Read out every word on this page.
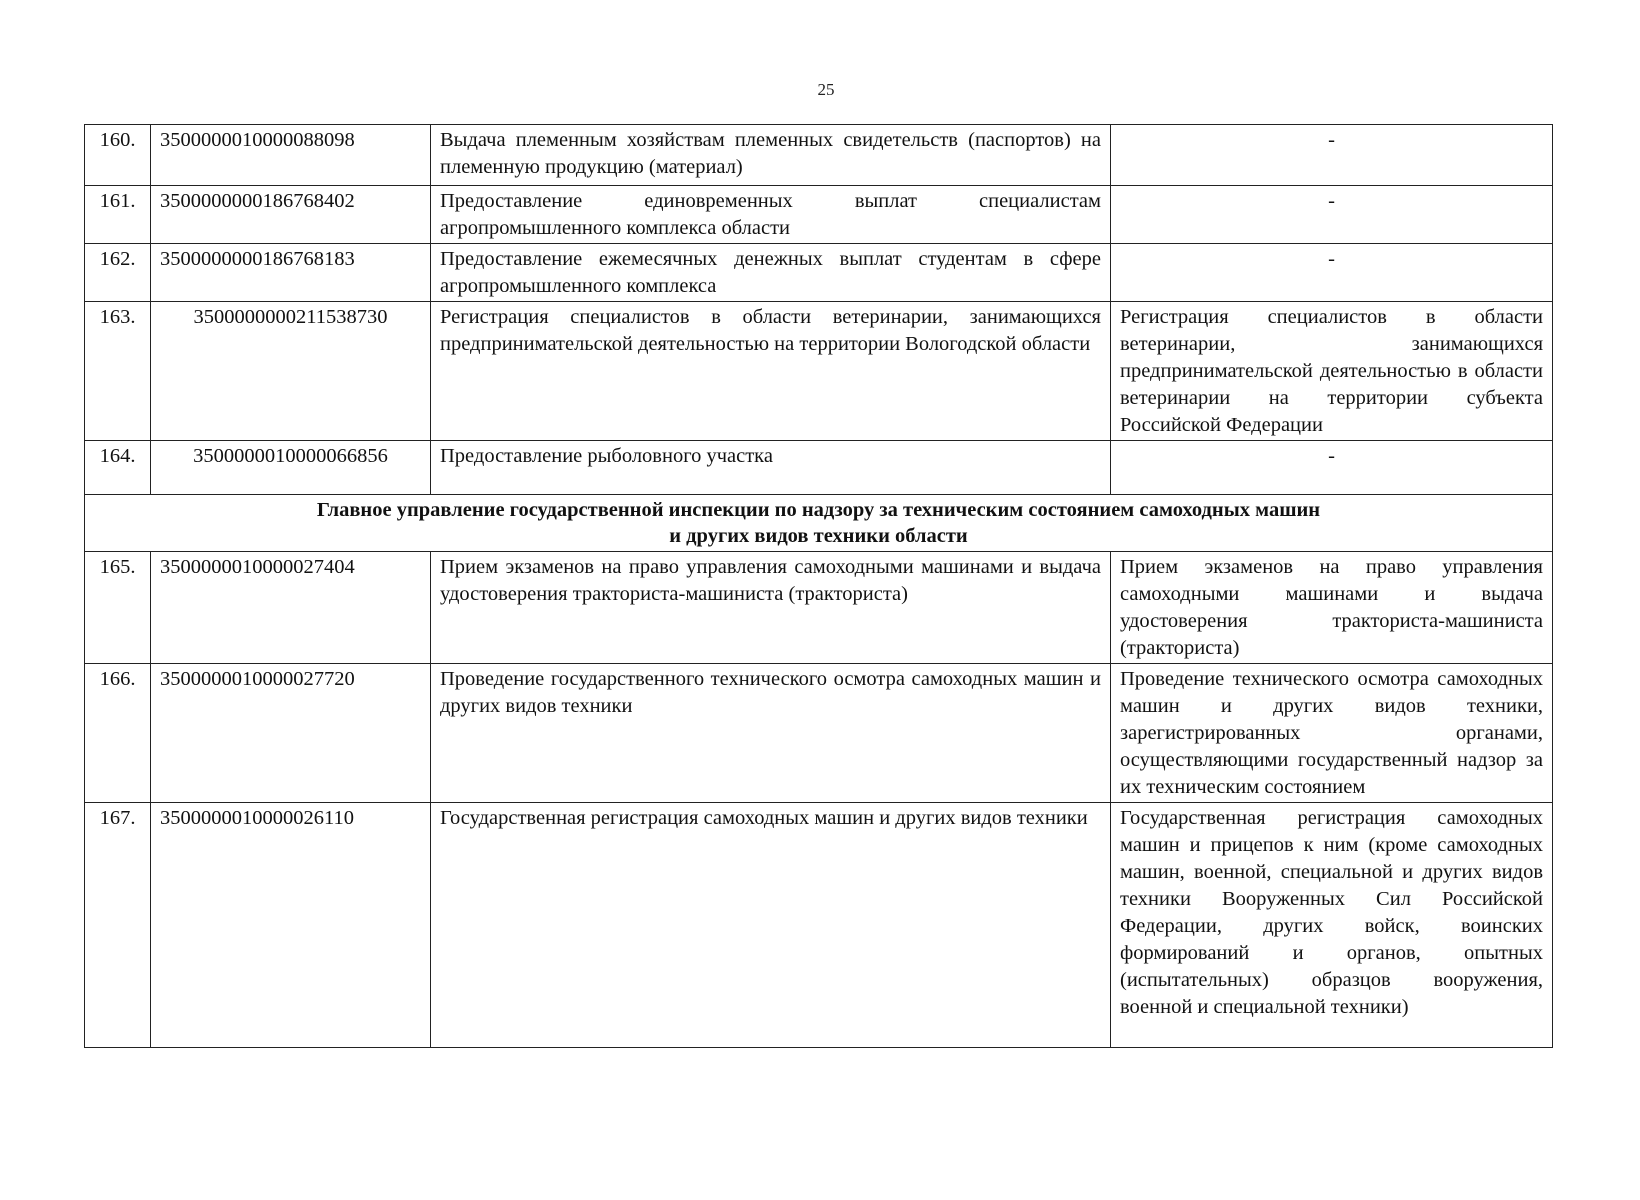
25
160.	3500000010000088098	Выдача племенным хозяйствам племенных свидетельств (паспортов) на племенную продукцию (материал)	-
161.	3500000000186768402	Предоставление единовременных выплат специалистам агропромышленного комплекса области	-
162.	3500000000186768183	Предоставление ежемесячных денежных выплат студентам в сфере агропромышленного комплекса	-
163.	3500000000211538730	Регистрация специалистов в области ветеринарии, занимающихся предпринимательской деятельностью на территории Вологодской области	Регистрация специалистов в области ветеринарии, занимающихся предпринимательской деятельностью в области ветеринарии на территории субъекта Российской Федерации
164.	3500000010000066856	Предоставление рыболовного участка	-

Главное управление государственной инспекции по надзору за техническим состоянием самоходных машин
и других видов техники области			

165.	3500000010000027404	Прием экзаменов на право управления самоходными машинами и выдача удостоверения тракториста-машиниста (тракториста)	Прием экзаменов на право управления самоходными машинами и выдача удостоверения тракториста-машиниста (тракториста)
166.	3500000010000027720	Проведение государственного технического осмотра самоходных машин и других видов техники	Проведение технического осмотра самоходных машин и других видов техники, зарегистрированных органами, осуществляющими государственный надзор за их техническим состоянием
167.	3500000010000026110	Государственная регистрация самоходных машин и других видов техники	Государственная регистрация самоходных машин и прицепов к ним (кроме самоходных машин, военной, специальной и других видов техники Вооруженных Сил Российской Федерации, других войск, воинских формирований и органов, опытных (испытательных) образцов вооружения, военной и специальной техники)
